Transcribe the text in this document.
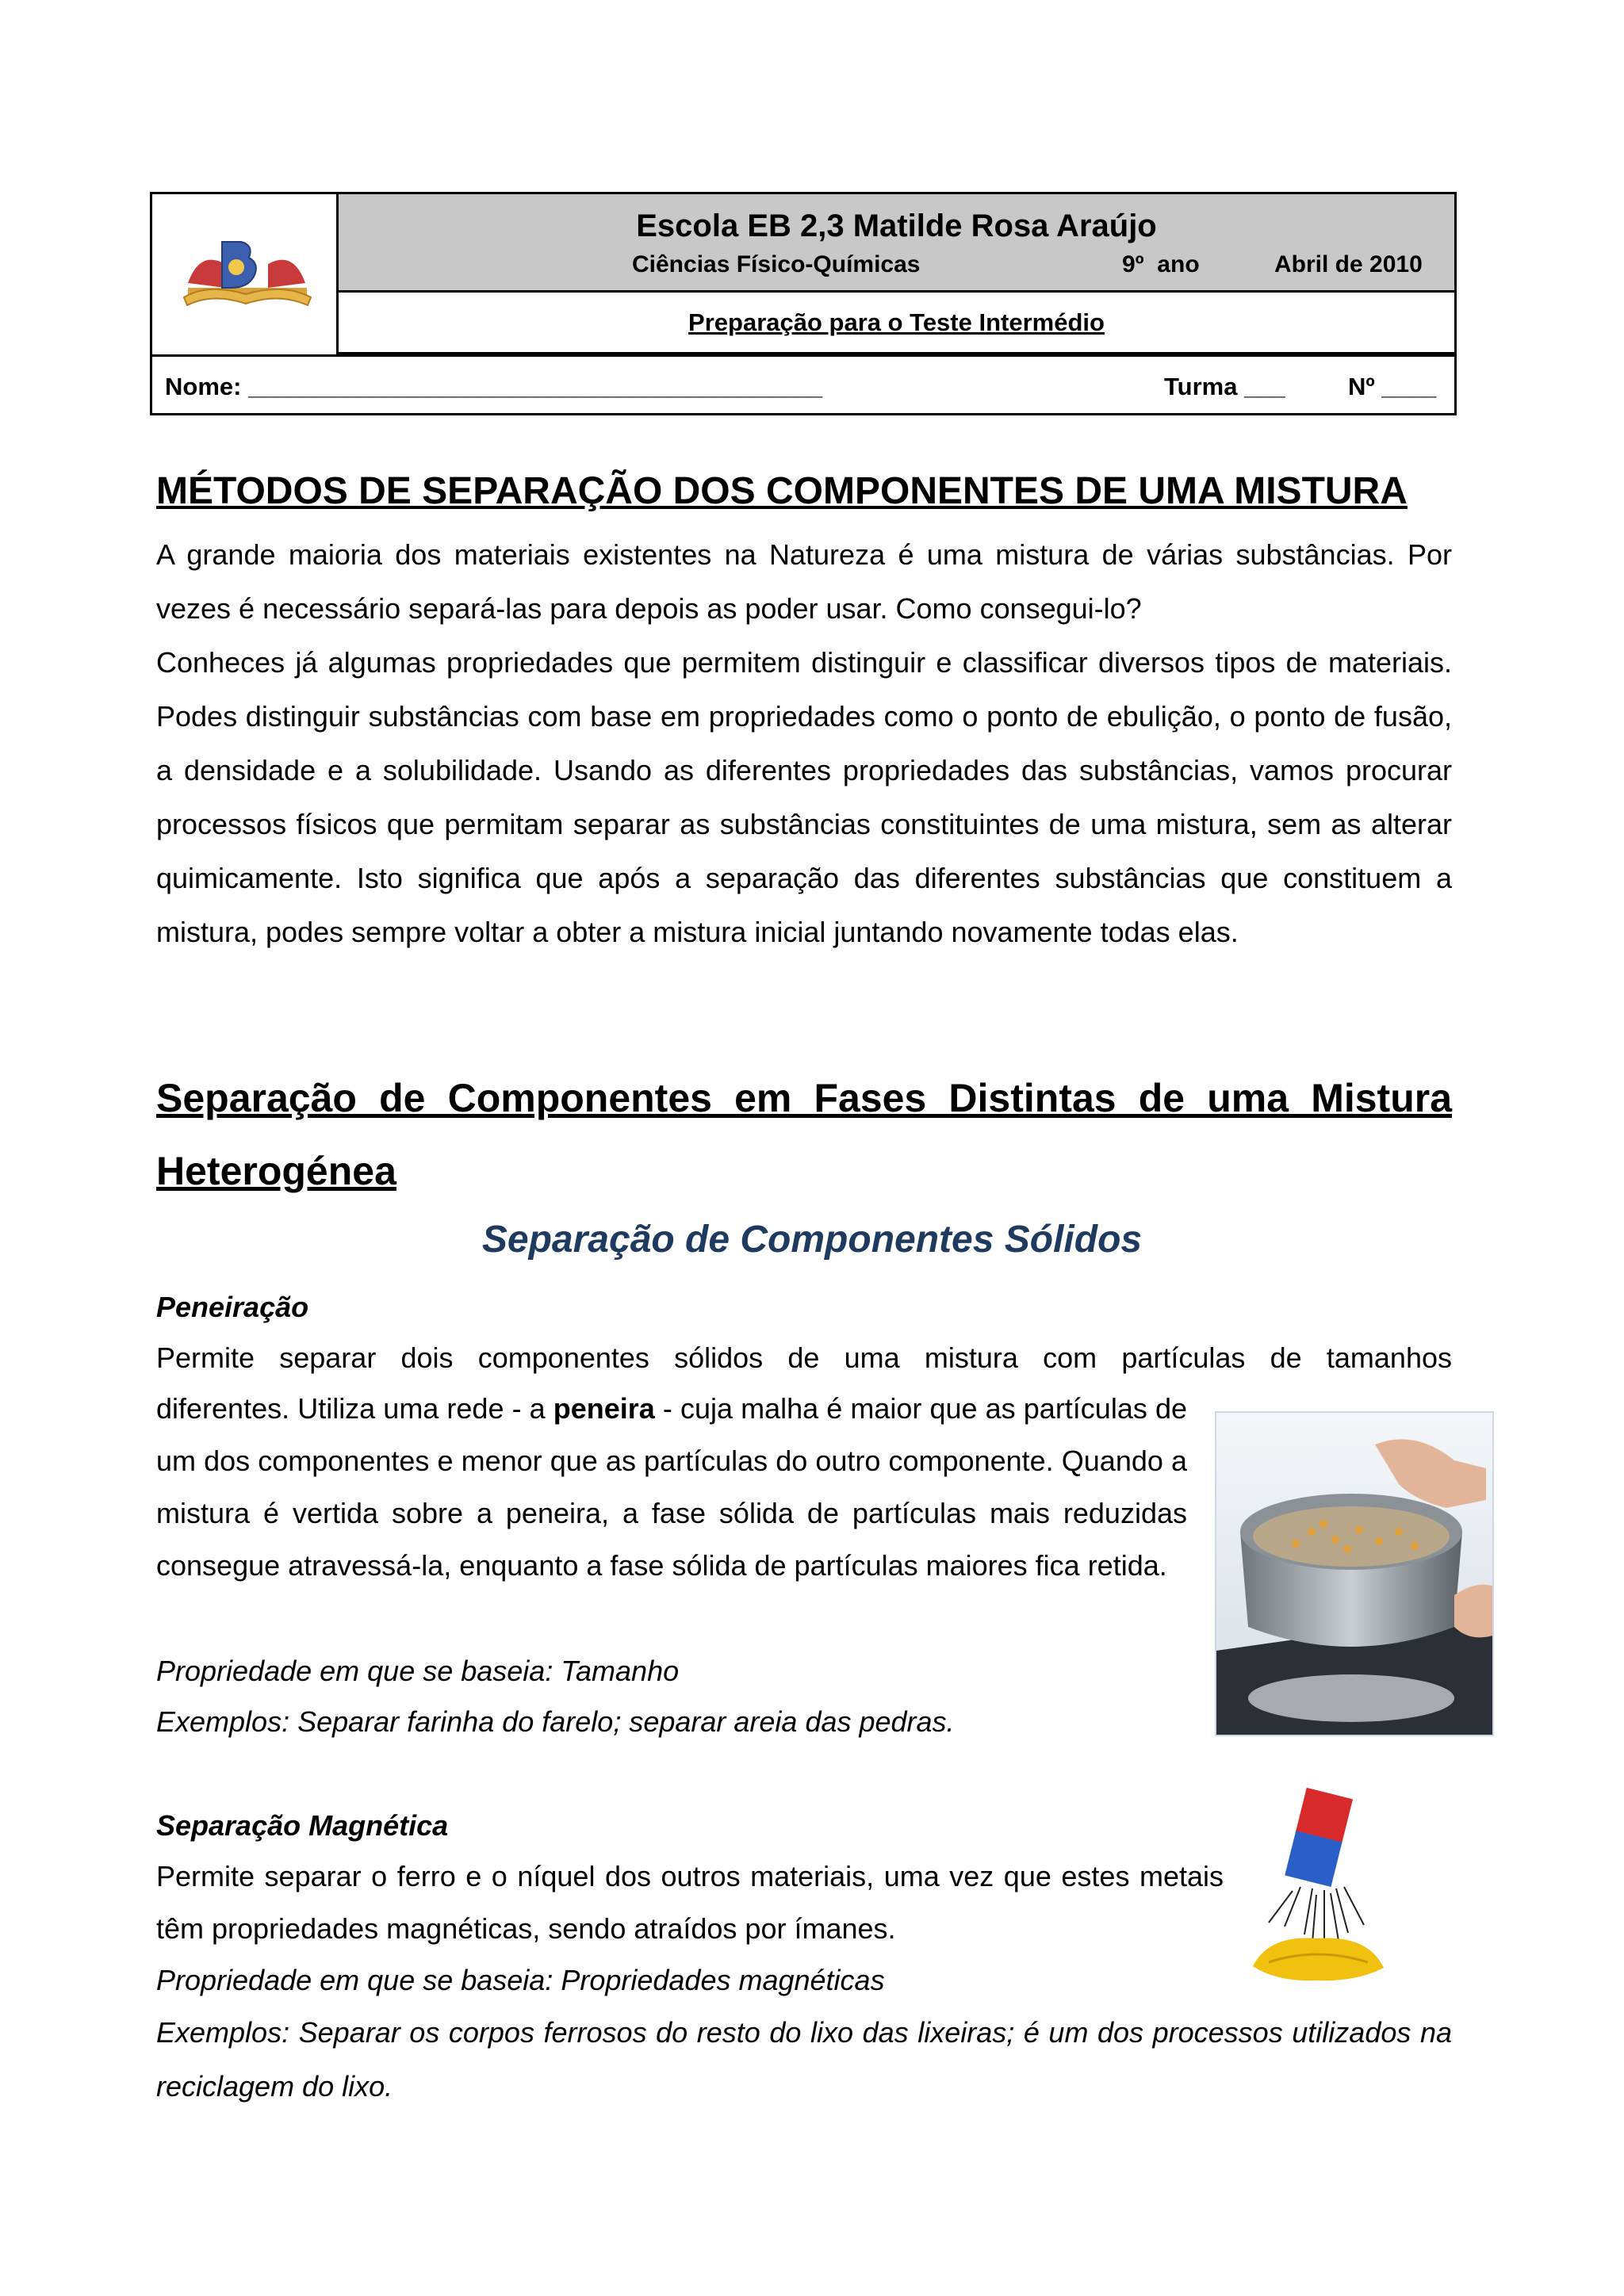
Escola EB 2,3 Matilde Rosa Araújo
Ciências Físico-Químicas	9º  ano	Abril de 2010
Preparação para o Teste Intermédio
Nome: __________________________________________	Turma ___	Nº ____
MÉTODOS DE SEPARAÇÃO DOS COMPONENTES DE UMA MISTURA
A grande maioria dos materiais existentes na Natureza é uma mistura de várias substâncias. Por vezes é necessário separá-las para depois as poder usar. Como consegui-lo?
Conheces já algumas propriedades que permitem distinguir e classificar diversos tipos de materiais. Podes distinguir substâncias com base em propriedades como o ponto de ebulição, o ponto de fusão, a densidade e a solubilidade. Usando as diferentes propriedades das substâncias, vamos procurar processos físicos que permitam separar as substâncias constituintes de uma mistura, sem as alterar quimicamente. Isto significa que após a separação das diferentes substâncias que constituem a mistura, podes sempre voltar a obter a mistura inicial juntando novamente todas elas.
Separação de Componentes em Fases Distintas de uma Mistura
Heterogénea
Separação de Componentes Sólidos
Peneiração
Permite separar dois componentes sólidos de uma mistura com partículas de tamanhos
diferentes. Utiliza uma rede - a peneira - cuja malha é maior que as partículas de um dos componentes e menor que as partículas do outro componente. Quando a mistura é vertida sobre a peneira, a fase sólida de partículas mais reduzidas consegue atravessá-la, enquanto a fase sólida de partículas maiores fica retida.
Propriedade em que se baseia: Tamanho
Exemplos: Separar farinha do farelo; separar areia das pedras.
Separação Magnética
Permite separar o ferro e o níquel dos outros materiais, uma vez que estes metais têm propriedades magnéticas, sendo atraídos por ímanes.
Propriedade em que se baseia: Propriedades magnéticas
Exemplos: Separar os corpos ferrosos do resto do lixo das lixeiras; é um dos processos utilizados na reciclagem do lixo.
